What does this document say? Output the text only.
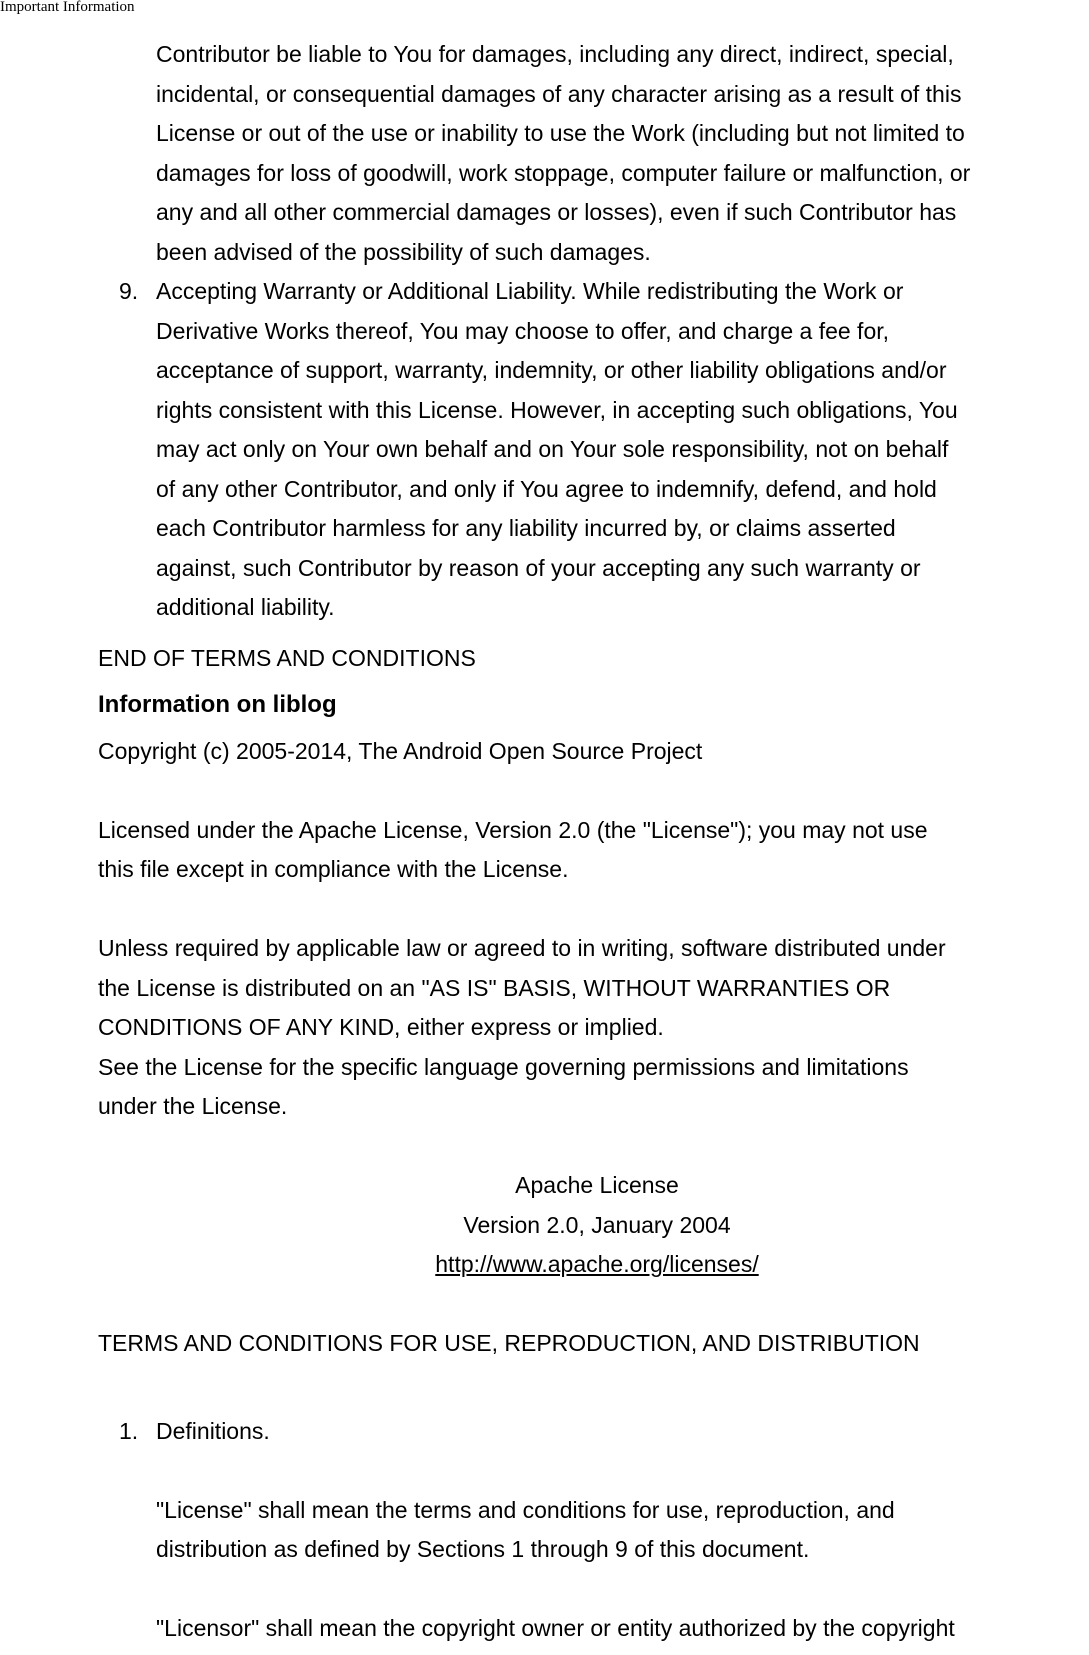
Important Information
Contributor be liable to You for damages, including any direct, indirect, special,
incidental, or consequential damages of any character arising as a result of this
License or out of the use or inability to use the Work (including but not limited to
damages for loss of goodwill, work stoppage, computer failure or malfunction, or
any and all other commercial damages or losses), even if such Contributor has
been advised of the possibility of such damages.
9. Accepting Warranty or Additional Liability. While redistributing the Work or
Derivative Works thereof, You may choose to offer, and charge a fee for,
acceptance of support, warranty, indemnity, or other liability obligations and/or
rights consistent with this License. However, in accepting such obligations, You
may act only on Your own behalf and on Your sole responsibility, not on behalf
of any other Contributor, and only if You agree to indemnify, defend, and hold
each Contributor harmless for any liability incurred by, or claims asserted
against, such Contributor by reason of your accepting any such warranty or
additional liability.
END OF TERMS AND CONDITIONS
Information on liblog
Copyright (c) 2005-2014, The Android Open Source Project
Licensed under the Apache License, Version 2.0 (the "License"); you may not use
this file except in compliance with the License.
Unless required by applicable law or agreed to in writing, software distributed under
the License is distributed on an "AS IS" BASIS, WITHOUT WARRANTIES OR
CONDITIONS OF ANY KIND, either express or implied.
See the License for the specific language governing permissions and limitations
under the License.
Apache License
Version 2.0, January 2004
http://www.apache.org/licenses/
TERMS AND CONDITIONS FOR USE, REPRODUCTION, AND DISTRIBUTION
1. Definitions.
"License" shall mean the terms and conditions for use, reproduction, and
distribution as defined by Sections 1 through 9 of this document.
"Licensor" shall mean the copyright owner or entity authorized by the copyright
